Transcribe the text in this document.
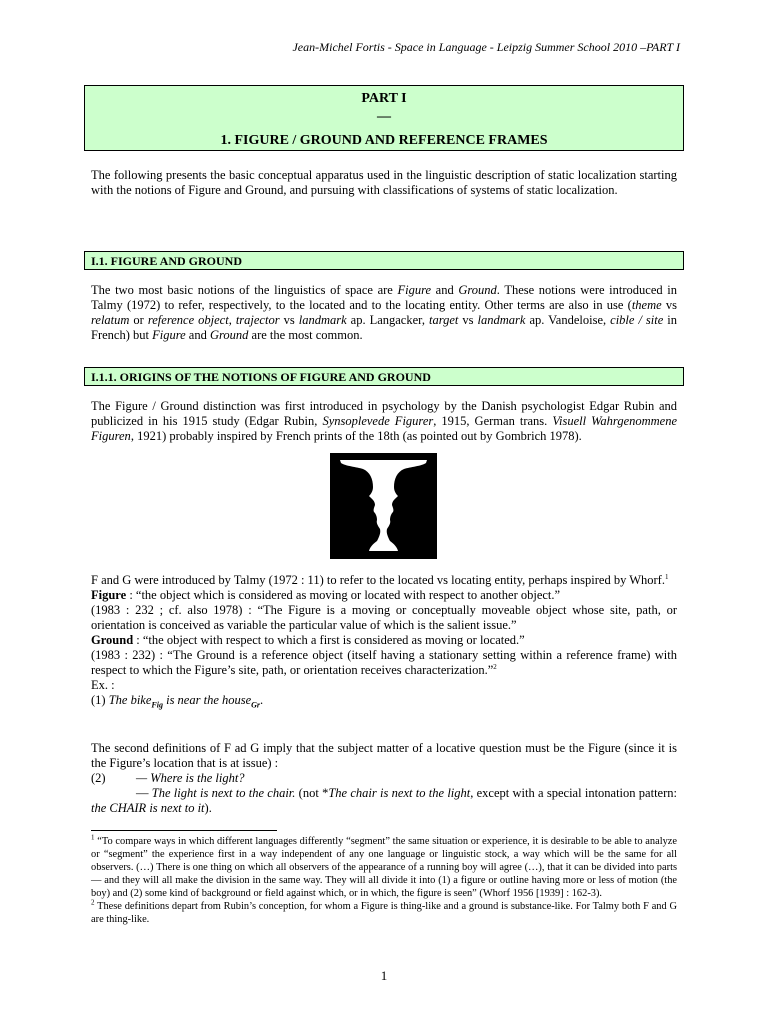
Jean-Michel Fortis - Space in Language - Leipzig Summer School 2010 –PART I
PART I
—
1. FIGURE / GROUND AND REFERENCE FRAMES

The following presents the basic conceptual apparatus used in the linguistic description of static localization starting with the notions of Figure and Ground, and pursuing with classifications of systems of static localization.

I.1. FIGURE AND GROUND

The two most basic notions of the linguistics of space are Figure and Ground. These notions were introduced in Talmy (1972) to refer, respectively, to the located and to the locating entity. Other terms are also in use (theme vs relatum or reference object, trajector vs landmark ap. Langacker, target vs landmark ap. Vandeloise, cible / site in French) but Figure and Ground are the most common.

I.1.1. ORIGINS OF THE NOTIONS OF FIGURE AND GROUND

The Figure / Ground distinction was first introduced in psychology by the Danish psychologist Edgar Rubin and publicized in his 1915 study (Edgar Rubin, Synsoplevede Figurer, 1915, German trans. Visuell Wahrgenommene Figuren, 1921) probably inspired by French prints of the 18th (as pointed out by Gombrich 1978).

F and G were introduced by Talmy (1972 : 11) to refer to the located vs locating entity, perhaps inspired by Whorf.$^1$

Figure : “the object which is considered as moving or located with respect to another object.”

(1983 : 232 ; cf. also 1978) : “The Figure is a moving or conceptually moveable object whose site, path, or orientation is conceived as variable the particular value of which is the salient issue.”

Ground : “the object with respect to which a first is considered as moving or located.”

(1983 : 232) : “The Ground is a reference object (itself having a stationary setting within a reference frame) with respect to which the Figure’s site, path, or orientation receives characterization.”$^2$

Ex. :

(1) The bike$_{Fig}$ is near the house$_{Gr}$.

The second definitions of F ad G imply that the subject matter of a locative question must be the Figure (since it is the Figure’s location that is at issue) :

(2) — Where is the light?

— The light is next to the chair. (not *The chair is next to the light, except with a special intonation pattern: the CHAIR is next to it).

$^1$ “To compare ways in which different languages differently “segment” the same situation or experience, it is desirable to be able to analyze or “segment” the experience first in a way independent of any one language or linguistic stock, a way which will be the same for all observers. (…) There is one thing on which all observers of the appearance of a running boy will agree (…), that it can be divided into parts — and they will all make the division in the same way. They will all divide it into (1) a figure or outline having more or less of motion (the boy) and (2) some kind of background or field against which, or in which, the figure is seen” (Whorf 1956 [1939] : 162-3).

$^2$ These definitions depart from Rubin’s conception, for whom a Figure is thing-like and a ground is substance-like. For Talmy both F and G are thing-like.

1
